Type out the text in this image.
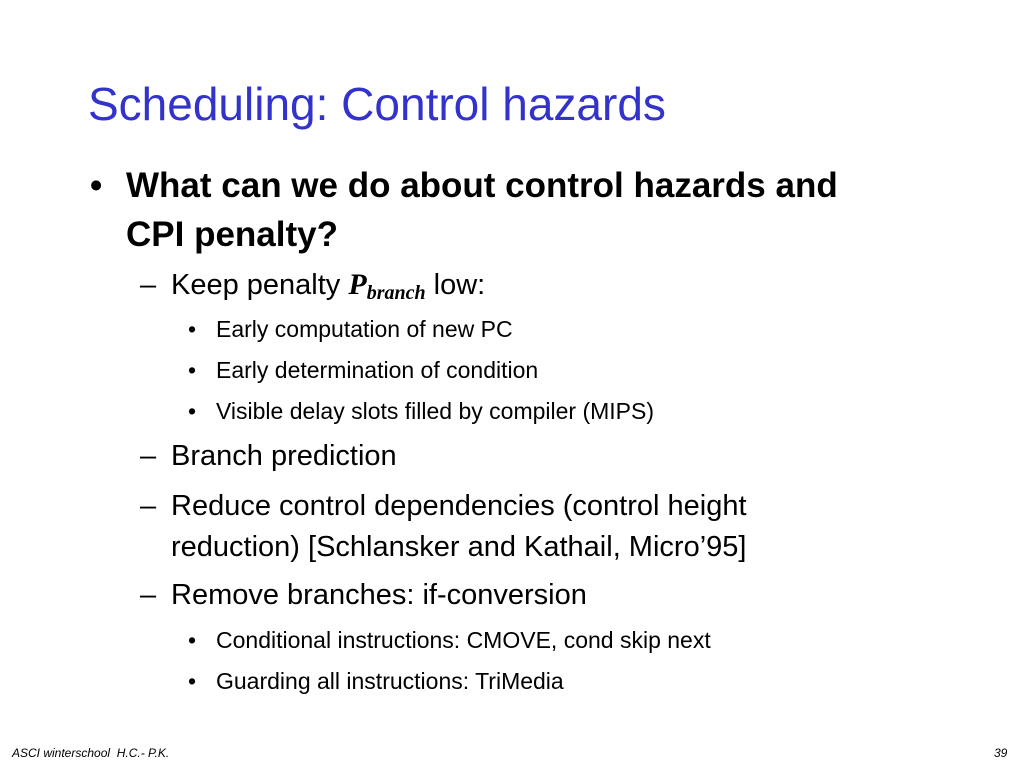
Scheduling: Control hazards
• What can we do about control hazards and
CPI penalty?
– Keep penalty $P_{branch}$ low:
• Early computation of new PC
• Early determination of condition
• Visible delay slots filled by compiler (MIPS)
– Branch prediction
– Reduce control dependencies (control height
reduction) [Schlansker and Kathail, Micro’95]
– Remove branches: if-conversion
• Conditional instructions: CMOVE, cond skip next
• Guarding all instructions: TriMedia
ASCI winterschool  H.C.- P.K.	39
